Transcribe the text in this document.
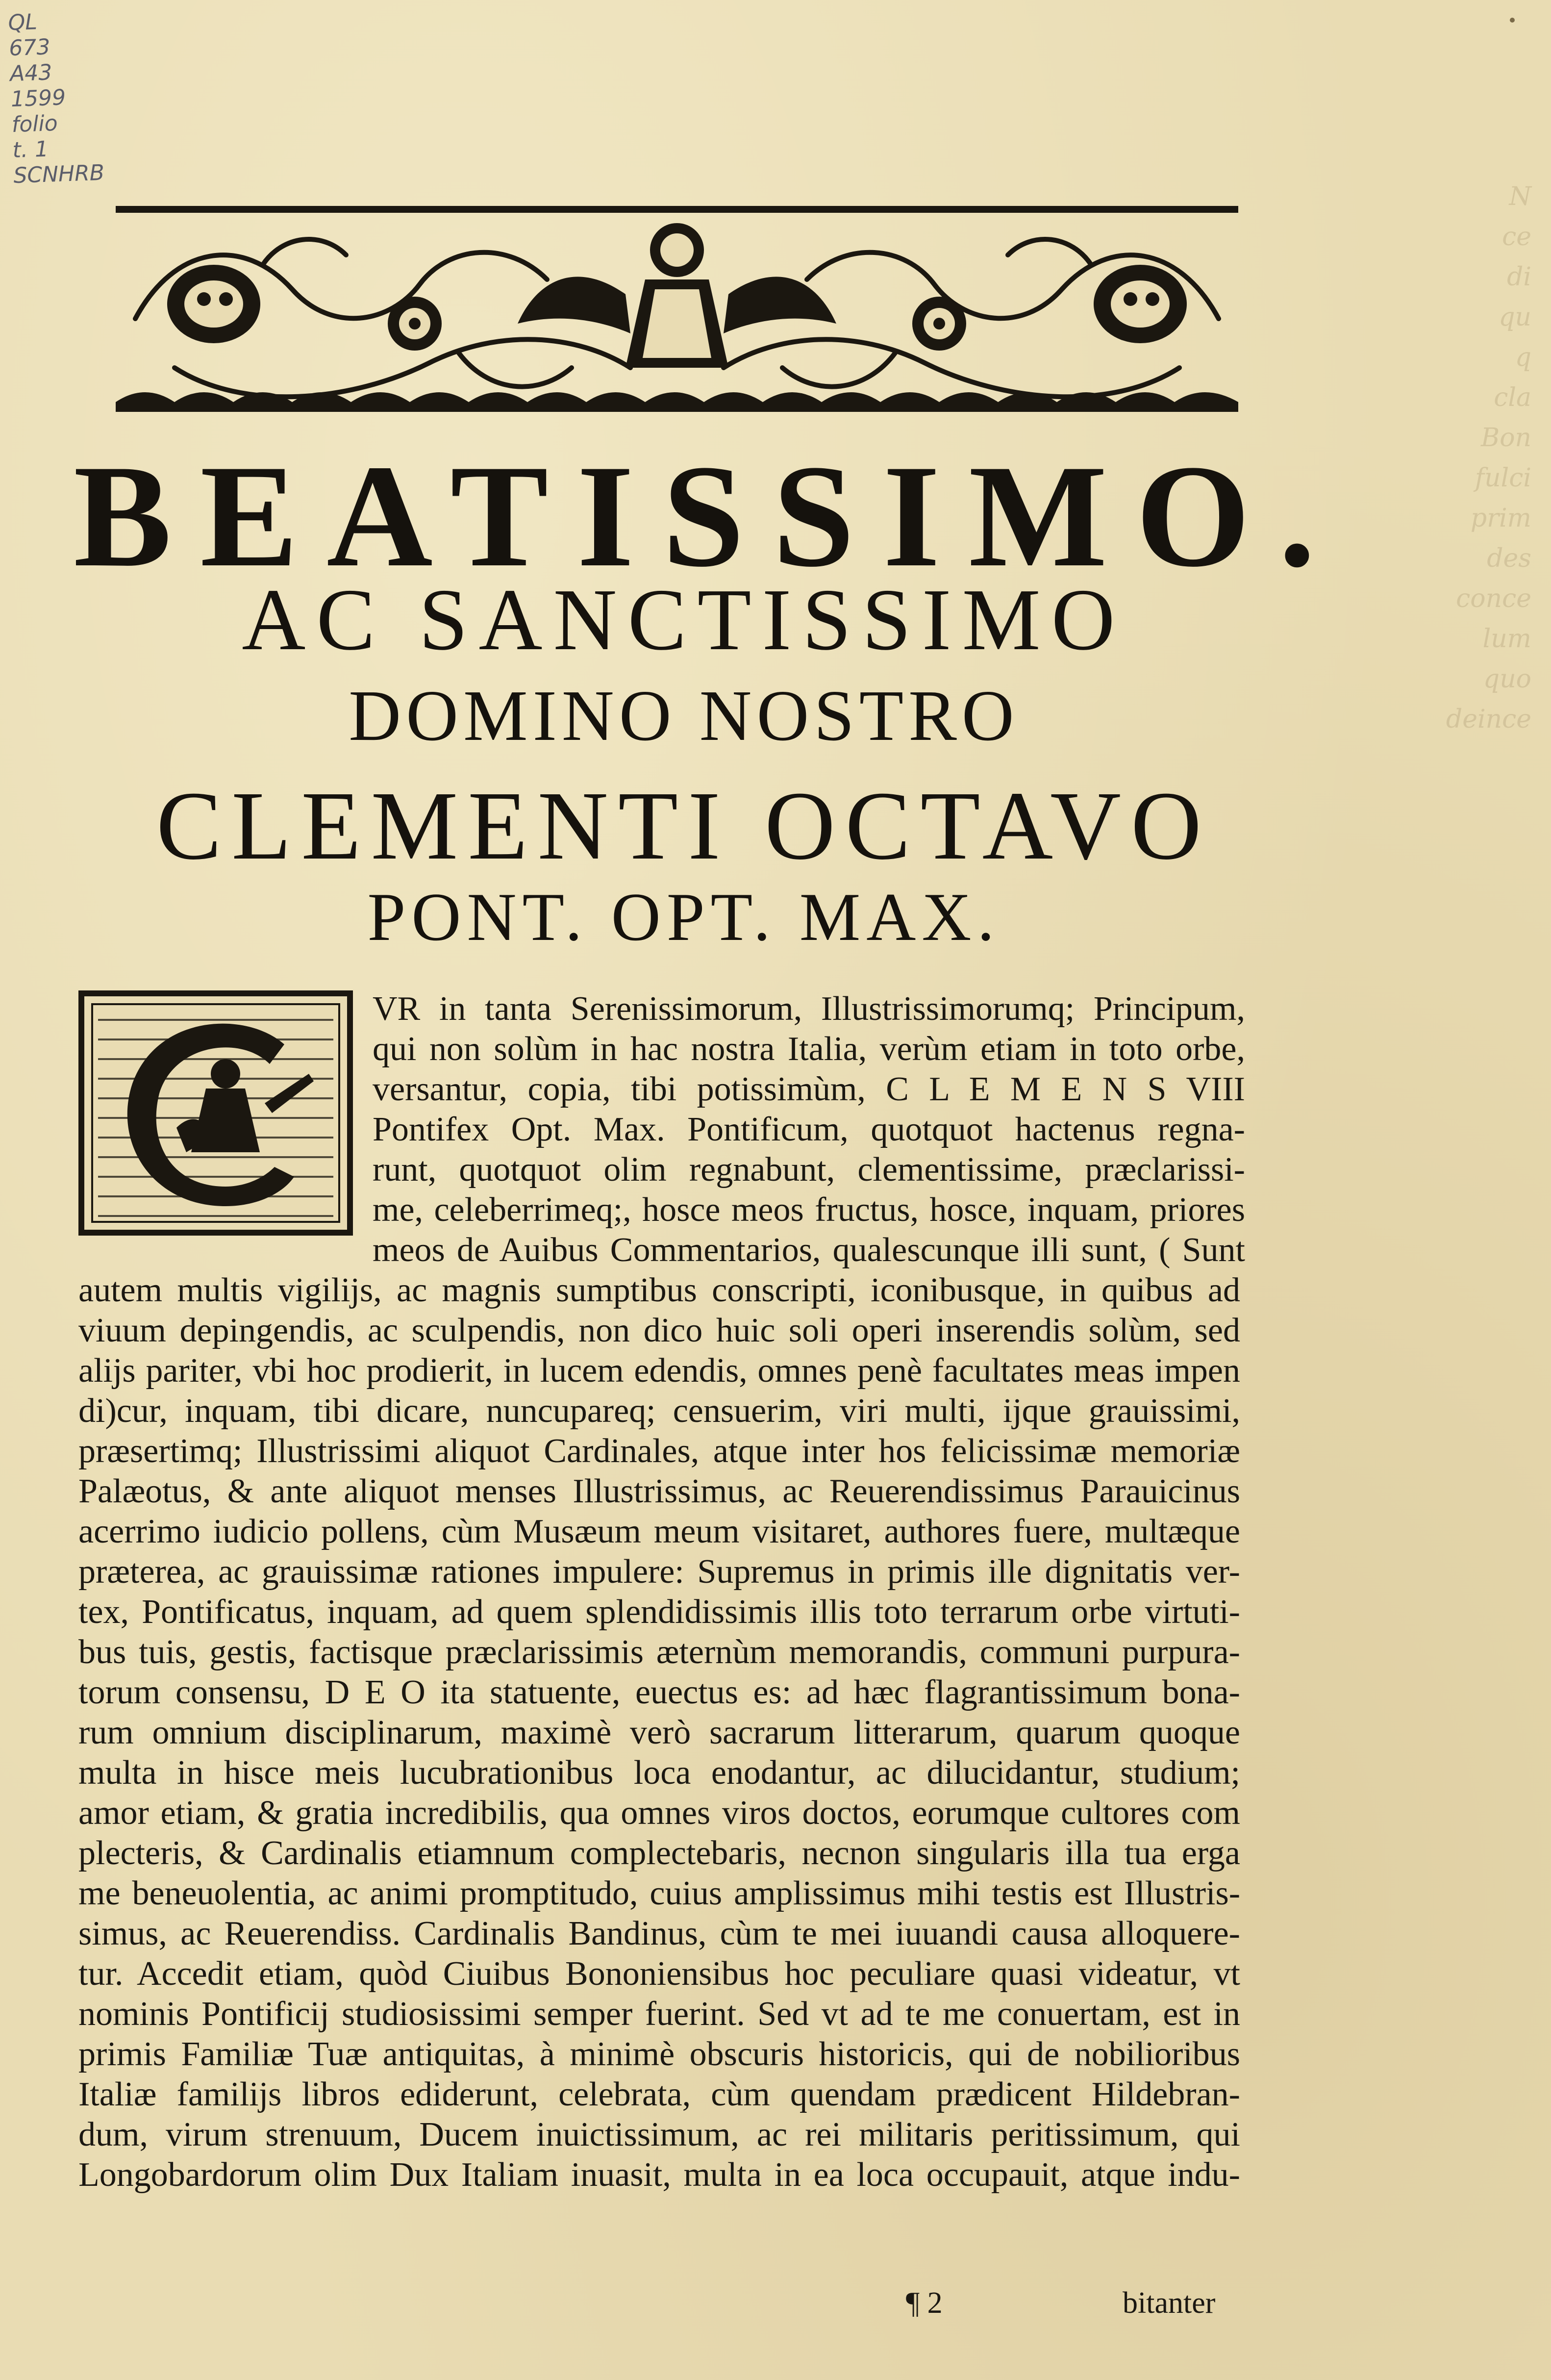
QL
673
A43
1599
folio
t. 1
SCNHRB
N
ce
di
qu
q
cla
Bon
fulci
prim
des
conce
lum
quo
deince
BEATISSIMO.
AC SANCTISSIMO
DOMINO NOSTRO
CLEMENTI OCTAVO
PONT. OPT. MAX.
VR in tanta Serenissimorum, Illustrissimorumq; Principum,
qui non solùm in hac nostra Italia, verùm etiam in toto orbe,
versantur, copia, tibi potissimùm, C L E M E N S VIII
Pontifex Opt. Max. Pontificum, quotquot hactenus regna-
runt, quotquot olim regnabunt, clementissime, præclarissi-
me, celeberrimeq;, hosce meos fructus, hosce, inquam, priores
meos de Auibus Commentarios, qualescunque illi sunt, ( Sunt
autem multis vigilijs, ac magnis sumptibus conscripti, iconibusque, in quibus ad
viuum depingendis, ac sculpendis, non dico huic soli operi inserendis solùm, sed
alijs pariter, vbi hoc prodierit, in lucem edendis, omnes penè facultates meas impen
di)cur, inquam, tibi dicare, nuncupareq; censuerim, viri multi, ijque grauissimi,
præsertimq; Illustrissimi aliquot Cardinales, atque inter hos felicissimæ memoriæ
Palæotus, & ante aliquot menses Illustrissimus, ac Reuerendissimus Parauicinus
acerrimo iudicio pollens, cùm Musæum meum visitaret, authores fuere, multæque
præterea, ac grauissimæ rationes impulere: Supremus in primis ille dignitatis ver-
tex, Pontificatus, inquam, ad quem splendidissimis illis toto terrarum orbe virtuti-
bus tuis, gestis, factisque præclarissimis æternùm memorandis, communi purpura-
torum consensu, D E O ita statuente, euectus es: ad hæc flagrantissimum bona-
rum omnium disciplinarum, maximè verò sacrarum litterarum, quarum quoque
multa in hisce meis lucubrationibus loca enodantur, ac dilucidantur, studium;
amor etiam, & gratia incredibilis, qua omnes viros doctos, eorumque cultores com
plecteris, & Cardinalis etiamnum complectebaris, necnon singularis illa tua erga
me beneuolentia, ac animi promptitudo, cuius amplissimus mihi testis est Illustris-
simus, ac Reuerendiss. Cardinalis Bandinus, cùm te mei iuuandi causa alloquere-
tur. Accedit etiam, quòd Ciuibus Bononiensibus hoc peculiare quasi videatur, vt
nominis Pontificij studiosissimi semper fuerint. Sed vt ad te me conuertam, est in
primis Familiæ Tuæ antiquitas, à minimè obscuris historicis, qui de nobilioribus
Italiæ familijs libros ediderunt, celebrata, cùm quendam prædicent Hildebran-
dum, virum strenuum, Ducem inuictissimum, ac rei militaris peritissimum, qui
Longobardorum olim Dux Italiam inuasit, multa in ea loca occupauit, atque indu-
¶ 2	bitanter
